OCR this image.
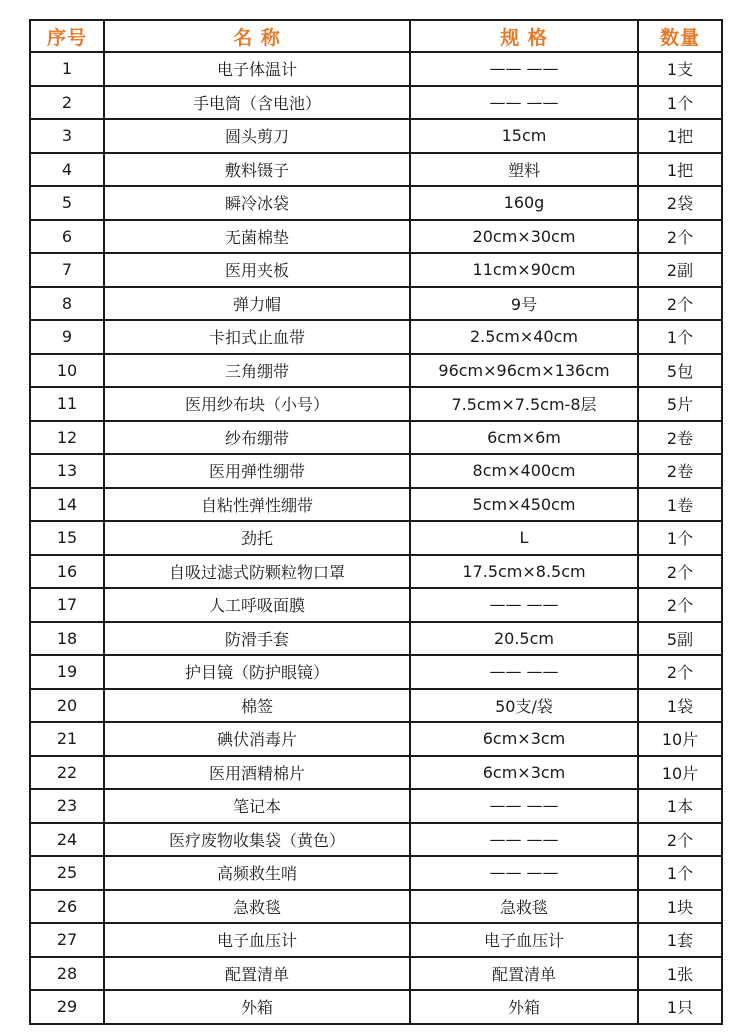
序号	名 称	规 格	数量
1	电子体温计	—— ——	1支
2	手电筒（含电池）	—— ——	1个
3	圆头剪刀	15cm	1把
4	敷料镊子	塑料	1把
5	瞬冷冰袋	160g	2袋
6	无菌棉垫	20cm×30cm	2个
7	医用夹板	11cm×90cm	2副
8	弹力帽	9号	2个
9	卡扣式止血带	2.5cm×40cm	1个
10	三角绷带	96cm×96cm×136cm	5包
11	医用纱布块（小号）	7.5cm×7.5cm-8层	5片
12	纱布绷带	6cm×6m	2卷
13	医用弹性绷带	8cm×400cm	2卷
14	自粘性弹性绷带	5cm×450cm	1卷
15	劲托	L	1个
16	自吸过滤式防颗粒物口罩	17.5cm×8.5cm	2个
17	人工呼吸面膜	—— ——	2个
18	防滑手套	20.5cm	5副
19	护目镜（防护眼镜）	—— ——	2个
20	棉签	50支/袋	1袋
21	碘伏消毒片	6cm×3cm	10片
22	医用酒精棉片	6cm×3cm	10片
23	笔记本	—— ——	1本
24	医疗废物收集袋（黄色）	—— ——	2个
25	高频救生哨	—— ——	1个
26	急救毯	急救毯	1块
27	电子血压计	电子血压计	1套
28	配置清单	配置清单	1张
29	外箱	外箱	1只
